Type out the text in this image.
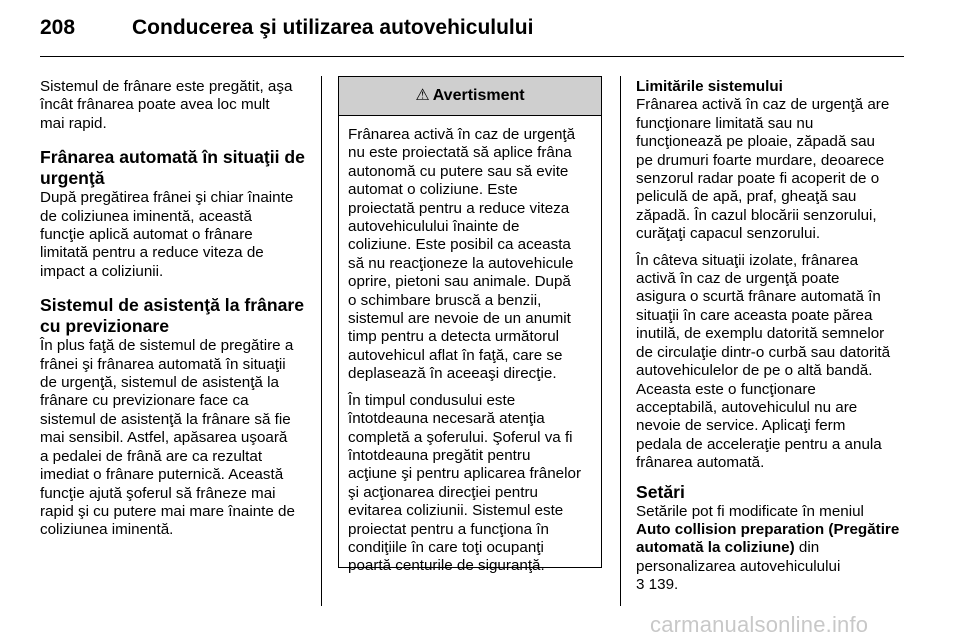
208	Conducerea şi utilizarea autovehiculului

Sistemul de frânare este pregătit, aşa
încât frânarea poate avea loc mult
mai rapid.

Frânarea automată în situaţii de
urgenţă

După pregătirea frânei şi chiar înainte
de coliziunea iminentă, această
funcţie aplică automat o frânare
limitată pentru a reduce viteza de
impact a coliziunii.

Sistemul de asistenţă la frânare
cu previzionare

În plus faţă de sistemul de pregătire a
frânei şi frânarea automată în situaţii
de urgenţă, sistemul de asistenţă la
frânare cu previzionare face ca
sistemul de asistenţă la frânare să fie
mai sensibil. Astfel, apăsarea uşoară
a pedalei de frână are ca rezultat
imediat o frânare puternică. Această
funcţie ajută şoferul să frâneze mai
rapid şi cu putere mai mare înainte de
coliziunea iminentă.

⚠ Avertisment

Frânarea activă în caz de urgenţă
nu este proiectată să aplice frâna
autonomă cu putere sau să evite
automat o coliziune. Este
proiectată pentru a reduce viteza
autovehiculului înainte de
coliziune. Este posibil ca aceasta
să nu reacţioneze la autovehicule
oprire, pietoni sau animale. După
o schimbare bruscă a benzii,
sistemul are nevoie de un anumit
timp pentru a detecta următorul
autovehicul aflat în faţă, care se
deplasează în aceeaşi direcţie.

În timpul condusului este
întotdeauna necesară atenţia
completă a şoferului. Şoferul va fi
întotdeauna pregătit pentru
acţiune şi pentru aplicarea frânelor
şi acţionarea direcţiei pentru
evitarea coliziunii. Sistemul este
proiectat pentru a funcţiona în
condiţiile în care toţi ocupanţi
poartă centurile de siguranţă.

Limitările sistemului

Frânarea activă în caz de urgenţă are
funcţionare limitată sau nu
funcţionează pe ploaie, zăpadă sau
pe drumuri foarte murdare, deoarece
senzorul radar poate fi acoperit de o
peliculă de apă, praf, gheaţă sau
zăpadă. În cazul blocării senzorului,
curăţaţi capacul senzorului.

În câteva situaţii izolate, frânarea
activă în caz de urgenţă poate
asigura o scurtă frânare automată în
situaţii în care aceasta poate părea
inutilă, de exemplu datorită semnelor
de circulaţie dintr-o curbă sau datorită
autovehiculelor de pe o altă bandă.
Aceasta este o funcţionare
acceptabilă, autovehiculul nu are
nevoie de service. Aplicaţi ferm
pedala de acceleraţie pentru a anula
frânarea automată.

Setări

Setările pot fi modificate în meniul
Auto collision preparation (Pregătire
automată la coliziune) din
personalizarea autovehiculului
3 139.

carmanualsonline.info
